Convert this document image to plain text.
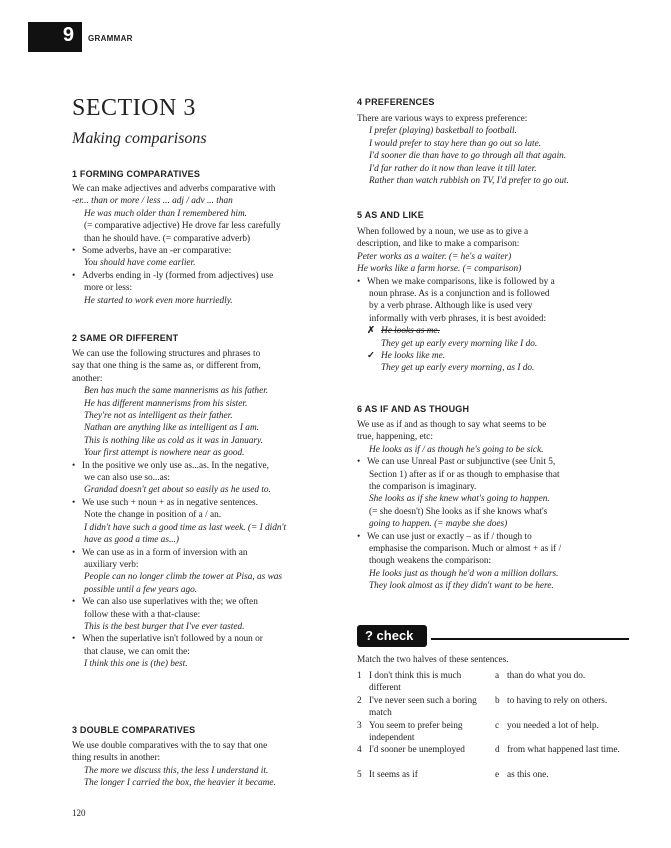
9 GRAMMAR
SECTION 3
Making comparisons
1 FORMING COMPARATIVES
We can make adjectives and adverbs comparative with
-er... than or more / less ... adj / adv ... than
He was much older than I remembered him.
(= comparative adjective) He drove far less carefully
than he should have. (= comparative adverb)
• Some adverbs, have an -er comparative:
You should have come earlier.
• Adverbs ending in -ly (formed from adjectives) use
more or less:
He started to work even more hurriedly.
2 SAME OR DIFFERENT
We can use the following structures and phrases to
say that one thing is the same as, or different from,
another:
Ben has much the same mannerisms as his father.
He has different mannerisms from his sister.
They're not as intelligent as their father.
Nathan are anything like as intelligent as I am.
This is nothing like as cold as it was in January.
Your first attempt is nowhere near as good.
• In the positive we only use as...as. In the negative,
we can also use so...as:
Grandad doesn't get about so easily as he used to.
• We use such + noun + as in negative sentences.
Note the change in position of a / an.
I didn't have such a good time as last week. (= I didn't
have as good a time as...)
• We can use as in a form of inversion with an
auxiliary verb:
People can no longer climb the tower at Pisa, as was
possible until a few years ago.
• We can also use superlatives with the; we often
follow these with a that-clause:
This is the best burger that I've ever tasted.
• When the superlative isn't followed by a noun or
that clause, we can omit the:
I think this one is (the) best.
3 DOUBLE COMPARATIVES
We use double comparatives with the to say that one
thing results in another:
The more we discuss this, the less I understand it.
The longer I carried the box, the heavier it became.
4 PREFERENCES
There are various ways to express preference:
I prefer (playing) basketball to football.
I would prefer to stay here than go out so late.
I'd sooner die than have to go through all that again.
I'd far rather do it now than leave it till later.
Rather than watch rubbish on TV, I'd prefer to go out.
5 AS AND LIKE
When followed by a noun, we use as to give a
description, and like to make a comparison:
Peter works as a waiter. (= he's a waiter)
He works like a farm horse. (= comparison)
• When we make comparisons, like is followed by a
noun phrase. As is a conjunction and is followed
by a verb phrase. Although like is used very
informally with verb phrases, it is best avoided:
✗ He looks as me.
They get up early every morning like I do.
✓ He looks like me.
They get up early every morning, as I do.
6 AS IF AND AS THOUGH
We use as if and as though to say what seems to be
true, happening, etc:
He looks as if / as though he's going to be sick.
• We can use Unreal Past or subjunctive (see Unit 5,
Section 1) after as if or as though to emphasise that
the comparison is imaginary.
She looks as if she knew what's going to happen.
(= she doesn't) She looks as if she knows what's
going to happen. (= maybe she does)
• We can use just or exactly – as if / though to
emphasise the comparison. Much or almost + as if /
though weakens the comparison:
He looks just as though he'd won a million dollars.
They look almost as if they didn't want to be here.
? check
Match the two halves of these sentences.
1 I don't think this is much different
a than do what you do.
2 I've never seen such a boring match
b to having to rely on others.
3 You seem to prefer being independent
c you needed a lot of help.
4 I'd sooner be unemployed	d from what happened last time.
5 It seems as if	e as this one.
120
